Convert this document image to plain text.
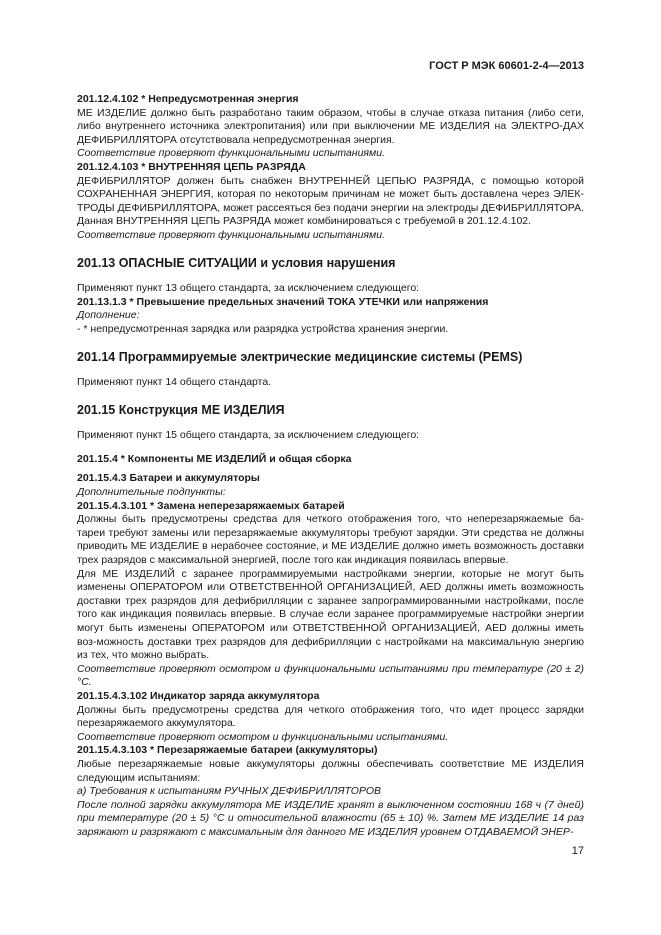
ГОСТ Р МЭК 60601-2-4—2013

201.12.4.102 * Непредусмотренная энергия

МЕ ИЗДЕЛИЕ должно быть разработано таким образом, чтобы в случае отказа питания (либо сети, либо внутреннего источника электропитания) или при выключении МЕ ИЗДЕЛИЯ на ЭЛЕКТРО-ДАХ ДЕФИБРИЛЛЯТОРА отсутствовала непредусмотренная энергия.

Соответствие проверяют функциональными испытаниями.

201.12.4.103 * ВНУТРЕННЯЯ ЦЕПЬ РАЗРЯДА

ДЕФИБРИЛЛЯТОР должен быть снабжен ВНУТРЕННЕЙ ЦЕПЬЮ РАЗРЯДА, с помощью которой СОХРАНЕННАЯ ЭНЕРГИЯ, которая по некоторым причинам не может быть доставлена через ЭЛЕК-ТРОДЫ ДЕФИБРИЛЛЯТОРА, может рассеяться без подачи энергии на электроды ДЕФИБРИЛЛЯТОРА.

Данная ВНУТРЕННЯЯ ЦЕПЬ РАЗРЯДА может комбинироваться с требуемой в 201.12.4.102.

Соответствие проверяют функциональными испытаниями.

201.13 ОПАСНЫЕ СИТУАЦИИ и условия нарушения

Применяют пункт 13 общего стандарта, за исключением следующего:

201.13.1.3 * Превышение предельных значений ТОКА УТЕЧКИ или напряжения

Дополнение:

- * непредусмотренная зарядка или разрядка устройства хранения энергии.

201.14 Программируемые электрические медицинские системы (PEMS)

Применяют пункт 14 общего стандарта.

201.15 Конструкция МЕ ИЗДЕЛИЯ

Применяют пункт 15 общего стандарта, за исключением следующего:

201.15.4 * Компоненты МЕ ИЗДЕЛИЙ и общая сборка

201.15.4.3 Батареи и аккумуляторы

Дополнительные подпункты:

201.15.4.3.101 * Замена неперезаряжаемых батарей

Должны быть предусмотрены средства для четкого отображения того, что неперезаряжаемые ба-тареи требуют замены или перезаряжаемые аккумуляторы требуют зарядки. Эти средства не должны приводить МЕ ИЗДЕЛИЕ в нерабочее состояние, и МЕ ИЗДЕЛИЕ должно иметь возможность доставки трех разрядов с максимальной энергией, после того как индикация появилась впервые.

Для МЕ ИЗДЕЛИЙ с заранее программируемыми настройками энергии, которые не могут быть изменены ОПЕРАТОРОМ или ОТВЕТСТВЕННОЙ ОРГАНИЗАЦИЕЙ, AED должны иметь возможность доставки трех разрядов для дефибрилляции с заранее запрограммированными настройками, после того как индикация появилась впервые. В случае если заранее программируемые настройки энергии могут быть изменены ОПЕРАТОРОМ или ОТВЕТСТВЕННОЙ ОРГАНИЗАЦИЕЙ, AED должны иметь воз-можность доставки трех разрядов для дефибрилляции с настройками на максимальную энергию из тех, что можно выбрать.

Соответствие проверяют осмотром и функциональными испытаниями при температуре (20 ± 2) °С.

201.15.4.3.102 Индикатор заряда аккумулятора

Должны быть предусмотрены средства для четкого отображения того, что идет процесс зарядки перезаряжаемого аккумулятора.

Соответствие проверяют осмотром и функциональными испытаниями.

201.15.4.3.103 * Перезаряжаемые батареи (аккумуляторы)

Любые перезаряжаемые новые аккумуляторы должны обеспечивать соответствие МЕ ИЗДЕЛИЯ следующим испытаниям:

а) Требования к испытаниям РУЧНЫХ ДЕФИБРИЛЛЯТОРОВ

После полной зарядки аккумулятора МЕ ИЗДЕЛИЕ хранят в выключенном состоянии 168 ч (7 дней) при температуре (20 ± 5) °С и относительной влажности (65 ± 10) %. Затем МЕ ИЗДЕЛИЕ 14 раз заряжают и разряжают с максимальным для данного МЕ ИЗДЕЛИЯ уровнем ОТДАВАЕМОЙ ЭНЕР-

17
